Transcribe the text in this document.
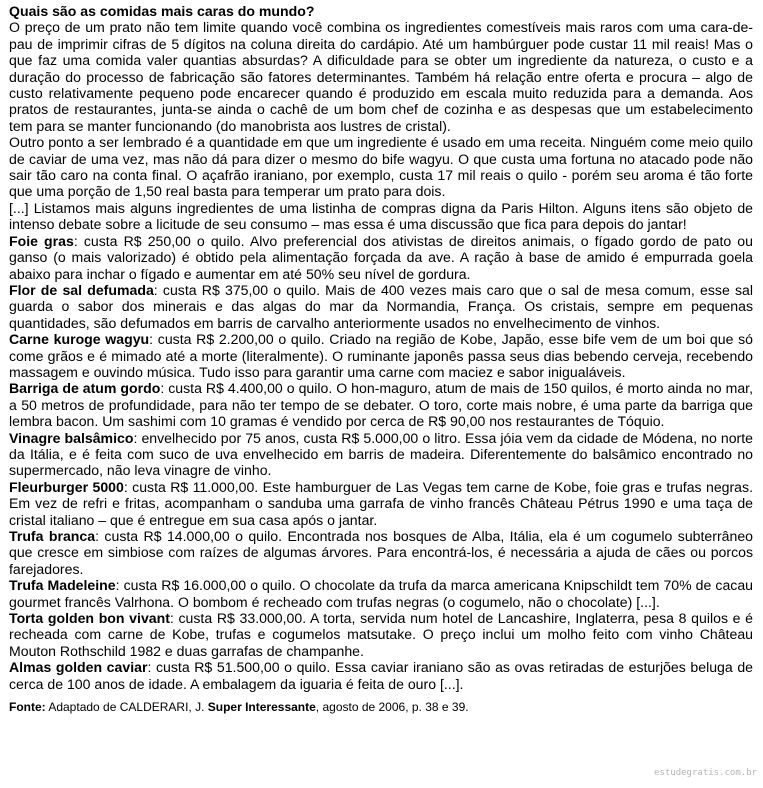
Quais são as comidas mais caras do mundo?

O preço de um prato não tem limite quando você combina os ingredientes comestíveis mais raros com uma cara-de-pau de imprimir cifras de 5 dígitos na coluna direita do cardápio. Até um hambúrguer pode custar 11 mil reais! Mas o que faz uma comida valer quantias absurdas? A dificuldade para se obter um ingrediente da natureza, o custo e a duração do processo de fabricação são fatores determinantes. Também há relação entre oferta e procura – algo de custo relativamente pequeno pode encarecer quando é produzido em escala muito reduzida para a demanda. Aos pratos de restaurantes, junta-se ainda o cachê de um bom chef de cozinha e as despesas que um estabelecimento tem para se manter funcionando (do manobrista aos lustres de cristal).

Outro ponto a ser lembrado é a quantidade em que um ingrediente é usado em uma receita. Ninguém come meio quilo de caviar de uma vez, mas não dá para dizer o mesmo do bife wagyu. O que custa uma fortuna no atacado pode não sair tão caro na conta final. O açafrão iraniano, por exemplo, custa 17 mil reais o quilo - porém seu aroma é tão forte que uma porção de 1,50 real basta para temperar um prato para dois.

[...] Listamos mais alguns ingredientes de uma listinha de compras digna da Paris Hilton. Alguns itens são objeto de intenso debate sobre a licitude de seu consumo – mas essa é uma discussão que fica para depois do jantar!

Foie gras: custa R$ 250,00 o quilo. Alvo preferencial dos ativistas de direitos animais, o fígado gordo de pato ou ganso (o mais valorizado) é obtido pela alimentação forçada da ave. A ração à base de amido é empurrada goela abaixo para inchar o fígado e aumentar em até 50% seu nível de gordura.

Flor de sal defumada: custa R$ 375,00 o quilo. Mais de 400 vezes mais caro que o sal de mesa comum, esse sal guarda o sabor dos minerais e das algas do mar da Normandia, França. Os cristais, sempre em pequenas quantidades, são defumados em barris de carvalho anteriormente usados no envelhecimento de vinhos.

Carne kuroge wagyu: custa R$ 2.200,00 o quilo. Criado na região de Kobe, Japão, esse bife vem de um boi que só come grãos e é mimado até a morte (literalmente). O ruminante japonês passa seus dias bebendo cerveja, recebendo massagem e ouvindo música. Tudo isso para garantir uma carne com maciez e sabor inigualáveis.

Barriga de atum gordo: custa R$ 4.400,00 o quilo. O hon-maguro, atum de mais de 150 quilos, é morto ainda no mar, a 50 metros de profundidade, para não ter tempo de se debater. O toro, corte mais nobre, é uma parte da barriga que lembra bacon. Um sashimi com 10 gramas é vendido por cerca de R$ 90,00 nos restaurantes de Tóquio.

Vinagre balsâmico: envelhecido por 75 anos, custa R$ 5.000,00 o litro. Essa jóia vem da cidade de Módena, no norte da Itália, e é feita com suco de uva envelhecido em barris de madeira. Diferentemente do balsâmico encontrado no supermercado, não leva vinagre de vinho.

Fleurburger 5000: custa R$ 11.000,00. Este hamburguer de Las Vegas tem carne de Kobe, foie gras e trufas negras. Em vez de refri e fritas, acompanham o sanduba uma garrafa de vinho francês Château Pétrus 1990 e uma taça de cristal italiano – que é entregue em sua casa após o jantar.

Trufa branca: custa R$ 14.000,00 o quilo. Encontrada nos bosques de Alba, Itália, ela é um cogumelo subterrâneo que cresce em simbiose com raízes de algumas árvores. Para encontrá-los, é necessária a ajuda de cães ou porcos farejadores.

Trufa Madeleine: custa R$ 16.000,00 o quilo. O chocolate da trufa da marca americana Knipschildt tem 70% de cacau gourmet francês Valrhona. O bombom é recheado com trufas negras (o cogumelo, não o chocolate) [...].

Torta golden bon vivant: custa R$ 33.000,00. A torta, servida num hotel de Lancashire, Inglaterra, pesa 8 quilos e é recheada com carne de Kobe, trufas e cogumelos matsutake. O preço inclui um molho feito com vinho Château Mouton Rothschild 1982 e duas garrafas de champanhe.

Almas golden caviar: custa R$ 51.500,00 o quilo. Essa caviar iraniano são as ovas retiradas de esturjões beluga de cerca de 100 anos de idade. A embalagem da iguaria é feita de ouro [...].

Fonte: Adaptado de CALDERARI, J. Super Interessante, agosto de 2006, p. 38 e 39.

estudegratis.com.br
